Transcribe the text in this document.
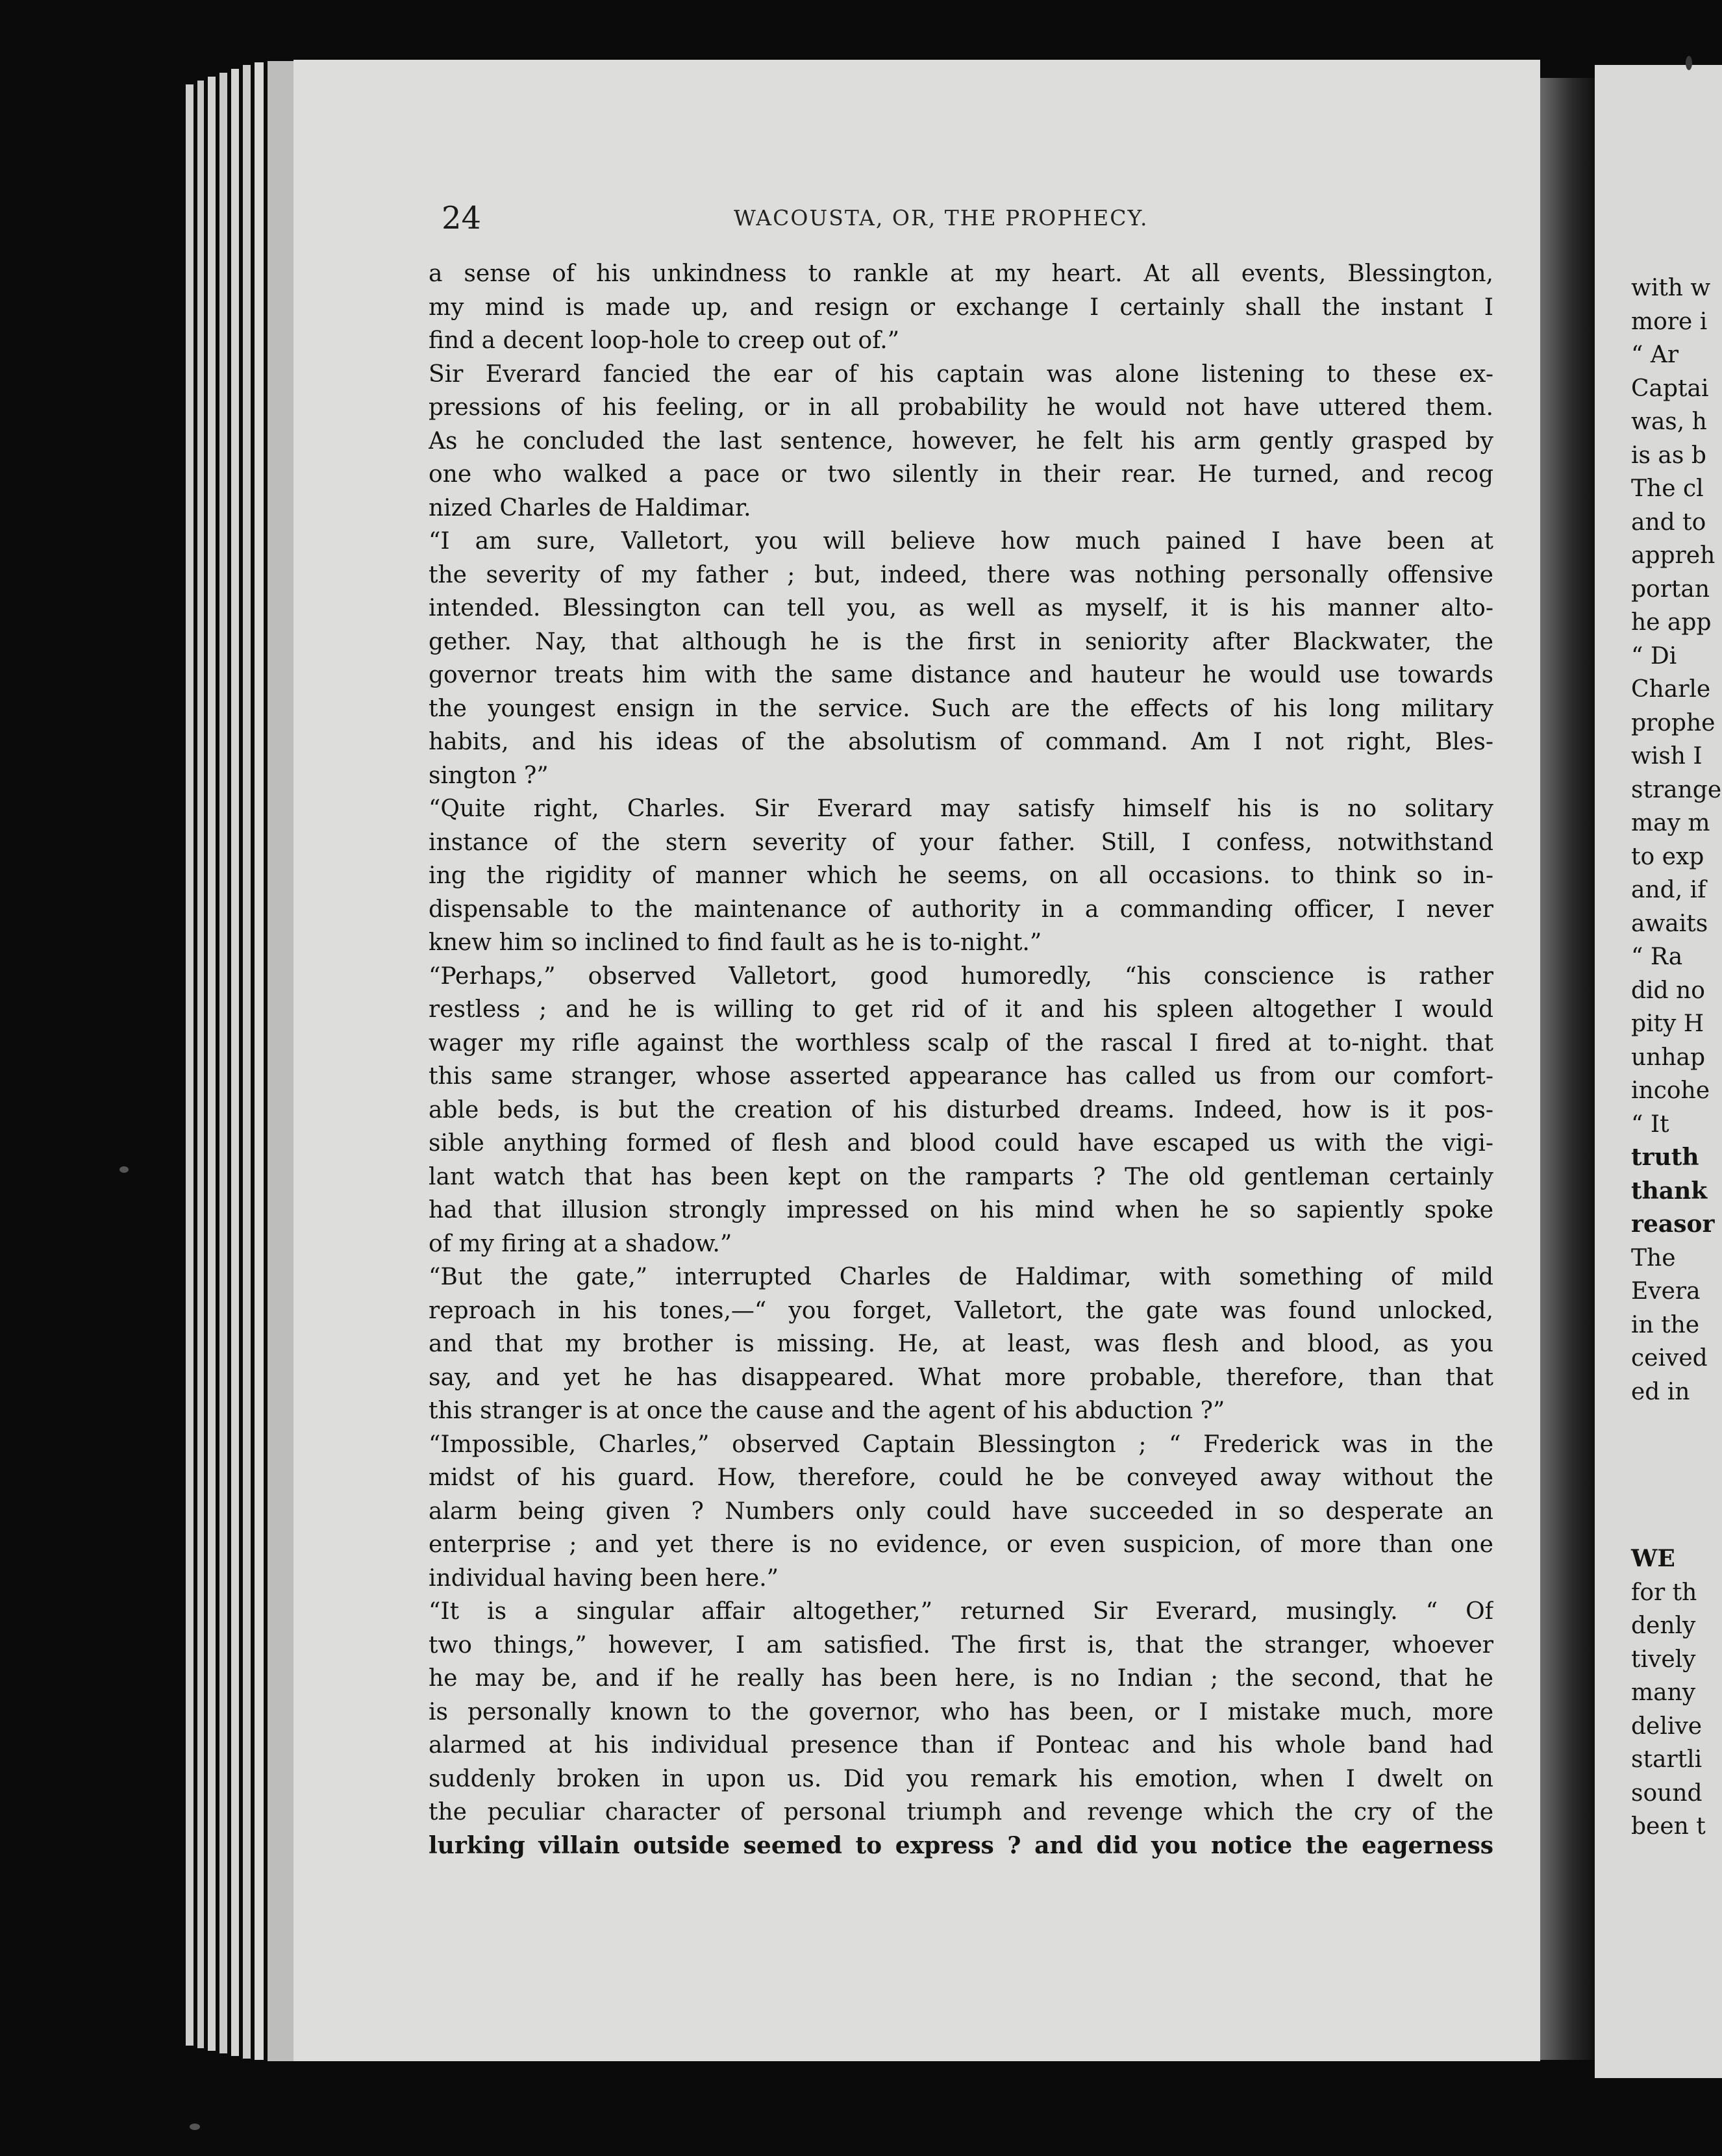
with w
more i
“ Ar
Captai
was, h
is as b
The cl
and to
appreh
portan
he app
“ Di
Charle
prophe
wish I
strange
may m
to exp
and, if
awaits
“ Ra
did no
pity H
unhap
incohe
“ It
truth
thank
reasor
The
Evera
in the
ceived
ed in
WE
for th
denly
tively
many
delive
startli
sound
been t
24	WACOUSTA, OR, THE PROPHECY.
a sense of his unkindness to rankle at my heart. At all events, Blessington,
my mind is made up, and resign or exchange I certainly shall the instant I
find a decent loop-hole to creep out of.”
Sir Everard fancied the ear of his captain was alone listening to these ex-
pressions of his feeling, or in all probability he would not have uttered them.
As he concluded the last sentence, however, he felt his arm gently grasped by
one who walked a pace or two silently in their rear. He turned, and recog
nized Charles de Haldimar.
“I am sure, Valletort, you will believe how much pained I have been at
the severity of my father ; but, indeed, there was nothing personally offensive
intended. Blessington can tell you, as well as myself, it is his manner alto-
gether. Nay, that although he is the first in seniority after Blackwater, the
governor treats him with the same distance and hauteur he would use towards
the youngest ensign in the service. Such are the effects of his long military
habits, and his ideas of the absolutism of command. Am I not right, Bles-
sington ?”
“Quite right, Charles. Sir Everard may satisfy himself his is no solitary
instance of the stern severity of your father. Still, I confess, notwithstand
ing the rigidity of manner which he seems, on all occasions. to think so in-
dispensable to the maintenance of authority in a commanding officer, I never
knew him so inclined to find fault as he is to-night.”
“Perhaps,” observed Valletort, good humoredly, “his conscience is rather
restless ; and he is willing to get rid of it and his spleen altogether I would
wager my rifle against the worthless scalp of the rascal I fired at to-night. that
this same stranger, whose asserted appearance has called us from our comfort-
able beds, is but the creation of his disturbed dreams. Indeed, how is it pos-
sible anything formed of flesh and blood could have escaped us with the vigi-
lant watch that has been kept on the ramparts ? The old gentleman certainly
had that illusion strongly impressed on his mind when he so sapiently spoke
of my firing at a shadow.”
“But the gate,” interrupted Charles de Haldimar, with something of mild
reproach in his tones,—“ you forget, Valletort, the gate was found unlocked,
and that my brother is missing. He, at least, was flesh and blood, as you
say, and yet he has disappeared. What more probable, therefore, than that
this stranger is at once the cause and the agent of his abduction ?”
“Impossible, Charles,” observed Captain Blessington ; “ Frederick was in the
midst of his guard. How, therefore, could he be conveyed away without the
alarm being given ? Numbers only could have succeeded in so desperate an
enterprise ; and yet there is no evidence, or even suspicion, of more than one
individual having been here.”
“It is a singular affair altogether,” returned Sir Everard, musingly. “ Of
two things,” however, I am satisfied. The first is, that the stranger, whoever
he may be, and if he really has been here, is no Indian ; the second, that he
is personally known to the governor, who has been, or I mistake much, more
alarmed at his individual presence than if Ponteac and his whole band had
suddenly broken in upon us. Did you remark his emotion, when I dwelt on
the peculiar character of personal triumph and revenge which the cry of the
lurking villain outside seemed to express ? and did you notice the eagerness
